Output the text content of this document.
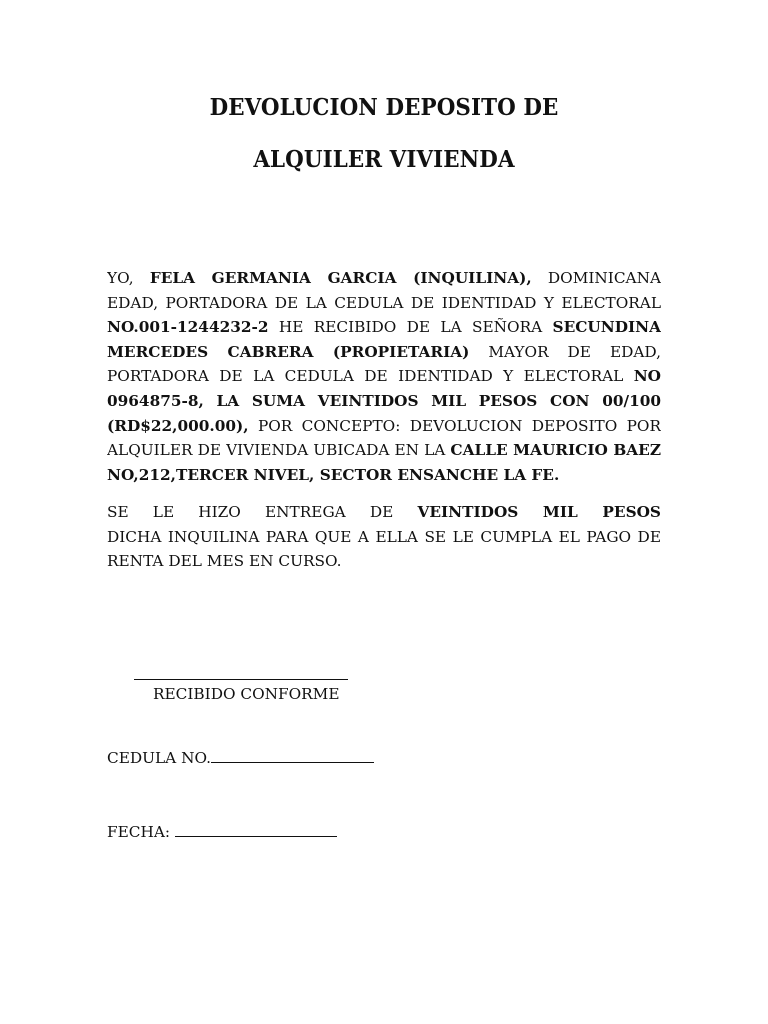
DEVOLUCION DEPOSITO DE
ALQUILER VIVIENDA
YO, FELA GERMANIA GARCIA (INQUILINA), DOMINICANA
EDAD, PORTADORA DE LA CEDULA DE IDENTIDAD Y ELECTORAL
NO.001-1244232-2 HE RECIBIDO DE LA SEÑORA SECUNDINA
MERCEDES CABRERA (PROPIETARIA) MAYOR DE EDAD,
PORTADORA DE LA CEDULA DE IDENTIDAD Y ELECTORAL NO
0964875-8, LA SUMA VEINTIDOS MIL PESOS CON 00/100
(RD$22,000.00), POR CONCEPTO: DEVOLUCION DEPOSITO POR
ALQUILER DE VIVIENDA UBICADA EN LA CALLE MAURICIO BAEZ
NO,212,TERCER NIVEL, SECTOR ENSANCHE LA FE.
SE LE HIZO ENTREGA DE VEINTIDOS MIL PESOS
DICHA INQUILINA PARA QUE A ELLA SE LE CUMPLA EL PAGO DE
RENTA DEL MES EN CURSO.
RECIBIDO CONFORME
CEDULA NO.
FECHA:
